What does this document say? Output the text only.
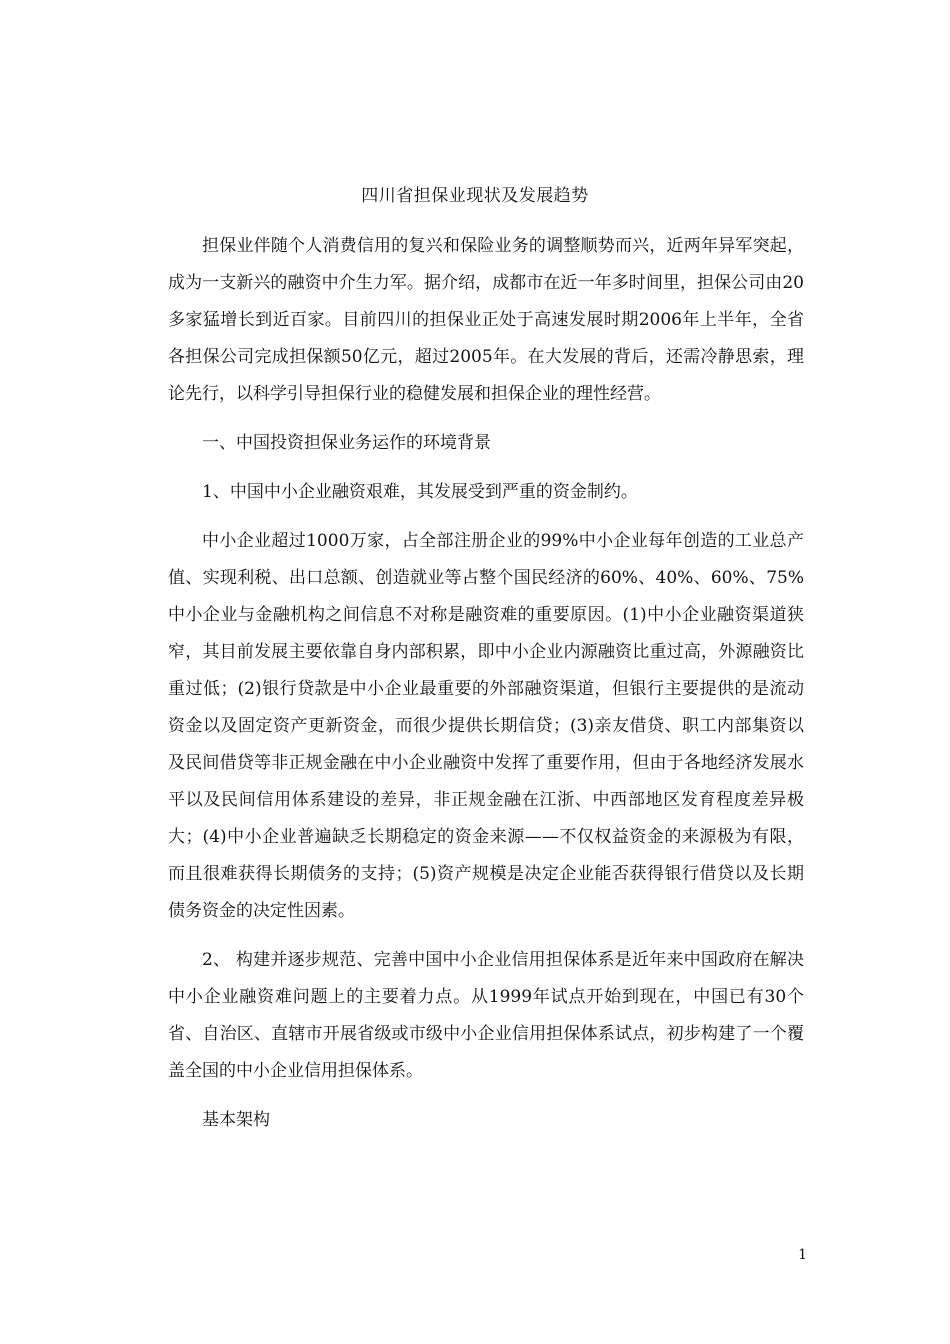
四川省担保业现状及发展趋势

担保业伴随个人消费信用的复兴和保险业务的调整顺势而兴，近两年异军突起，成为一支新兴的融资中介生力军。据介绍，成都市在近一年多时间里，担保公司由20多家猛增长到近百家。目前四川的担保业正处于高速发展时期2006年上半年，全省各担保公司完成担保额50亿元，超过2005年。在大发展的背后，还需冷静思索，理论先行，以科学引导担保行业的稳健发展和担保企业的理性经营。

一、中国投资担保业务运作的环境背景

1、中国中小企业融资艰难，其发展受到严重的资金制约。

中小企业超过1000万家，占全部注册企业的99%中小企业每年创造的工业总产值、实现利税、出口总额、创造就业等占整个国民经济的60%、40%、60%、75%中小企业与金融机构之间信息不对称是融资难的重要原因。(1)中小企业融资渠道狭窄，其目前发展主要依靠自身内部积累，即中小企业内源融资比重过高，外源融资比重过低；(2)银行贷款是中小企业最重要的外部融资渠道，但银行主要提供的是流动资金以及固定资产更新资金，而很少提供长期信贷；(3)亲友借贷、职工内部集资以及民间借贷等非正规金融在中小企业融资中发挥了重要作用，但由于各地经济发展水平以及民间信用体系建设的差异，非正规金融在江浙、中西部地区发育程度差异极大；(4)中小企业普遍缺乏长期稳定的资金来源——不仅权益资金的来源极为有限，而且很难获得长期债务的支持；(5)资产规模是决定企业能否获得银行借贷以及长期债务资金的决定性因素。

2、 构建并逐步规范、完善中国中小企业信用担保体系是近年来中国政府在解决中小企业融资难问题上的主要着力点。从1999年试点开始到现在，中国已有30个省、自治区、直辖市开展省级或市级中小企业信用担保体系试点，初步构建了一个覆盖全国的中小企业信用担保体系。

基本架构

1
